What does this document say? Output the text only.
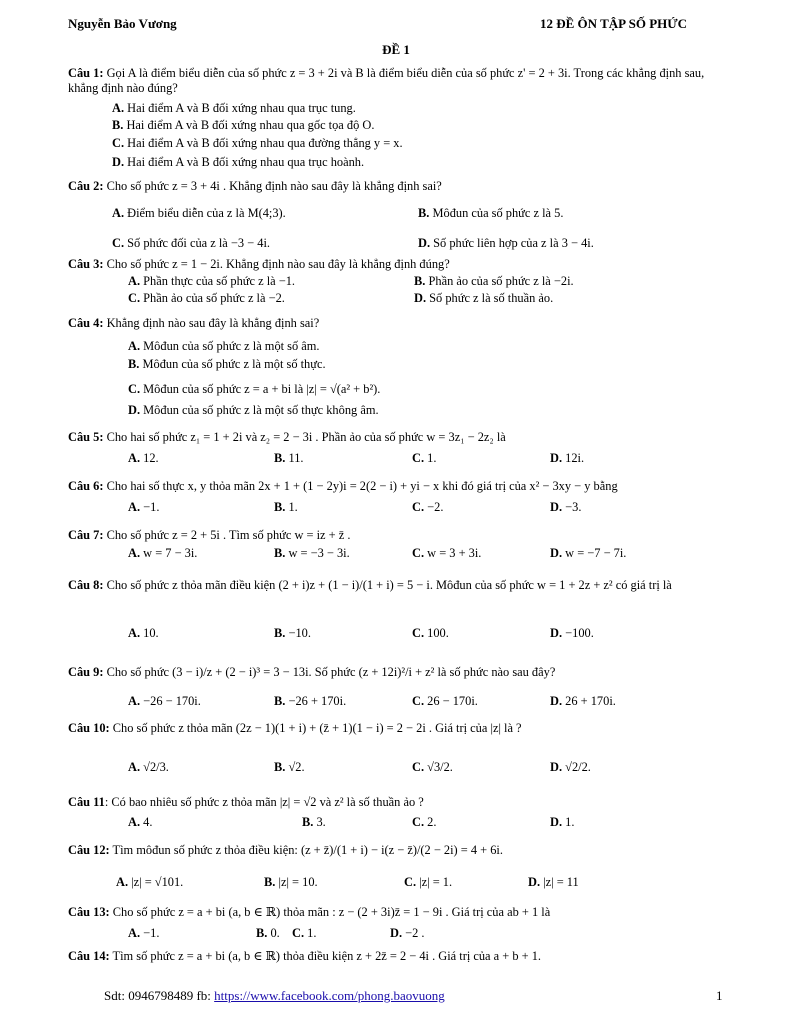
Nguyễn Bảo Vương	12 ĐỀ ÔN TẬP SỐ PHỨC
ĐỀ 1
Câu 1: Gọi A là điểm biểu diễn của số phức z = 3 + 2i và B là điểm biểu diễn của số phức z' = 2 + 3i. Trong các khẳng định sau, khẳng định nào đúng?
A. Hai điểm A và B đối xứng nhau qua trục tung.
B. Hai điểm A và B đối xứng nhau qua gốc tọa độ O.
C. Hai điểm A và B đối xứng nhau qua đường thẳng y = x.
D. Hai điểm A và B đối xứng nhau qua trục hoành.
Câu 2: Cho số phức z = 3 + 4i . Khẳng định nào sau đây là khẳng định sai?
A. Điểm biểu diễn của z là M(4;3).	B. Môđun của số phức z là 5.
C. Số phức đối của z là −3 − 4i.	D. Số phức liên hợp của z là 3 − 4i.
Câu 3: Cho số phức z = 1 − 2i. Khẳng định nào sau đây là khẳng định đúng?
A. Phần thực của số phức z là −1.	B. Phần ảo của số phức z là −2i.
C. Phần ảo của số phức z là −2.	D. Số phức z là số thuần ảo.
Câu 4: Khẳng định nào sau đây là khẳng định sai?
A. Môđun của số phức z là một số âm.
B. Môđun của số phức z là một số thực.
C. Môđun của số phức z = a + bi là |z| = √(a² + b²).
D. Môđun của số phức z là một số thực không âm.
Câu 5: Cho hai số phức z₁ = 1 + 2i và z₂ = 2 − 3i . Phần ảo của số phức w = 3z₁ − 2z₂ là
A. 12.	B. 11.	C. 1.	D. 12i.
Câu 6: Cho hai số thực x, y thỏa mãn 2x + 1 + (1 − 2y)i = 2(2 − i) + yi − x khi đó giá trị của x² − 3xy − y bằng
A. −1.	B. 1.	C. −2.	D. −3.
Câu 7: Cho số phức z = 2 + 5i . Tìm số phức w = iz + z̄ .
A. w = 7 − 3i.	B. w = −3 − 3i.	C. w = 3 + 3i.	D. w = −7 − 7i.
Câu 8: Cho số phức z thỏa mãn điều kiện (2 + i)z + (1 − i)/(1 + i) = 5 − i. Môđun của số phức w = 1 + 2z + z² có giá trị là
A. 10.	B. −10.	C. 100.	D. −100.
Câu 9: Cho số phức (3 − i)/z + (2 − i)³ = 3 − 13i. Số phức (z + 12i)²/i + z² là số phức nào sau đây?
A. −26 − 170i.	B. −26 + 170i.	C. 26 − 170i.	D. 26 + 170i.
Câu 10: Cho số phức z thỏa mãn (2z − 1)(1 + i) + (z̄ + 1)(1 − i) = 2 − 2i . Giá trị của |z| là ?
A. √2/3.	B. √2.	C. √3/2.	D. √2/2.
Câu 11: Có bao nhiêu số phức z thỏa mãn |z| = √2 và z² là số thuần ảo ?
A. 4.	B. 3.	C. 2.	D. 1.
Câu 12: Tìm môđun số phức z thỏa điều kiện: (z + z̄)/(1 + i) − i(z − z̄)/(2 − 2i) = 4 + 6i.
A. |z| = √101.	B. |z| = 10.	C. |z| = 1.	D. |z| = 11
Câu 13: Cho số phức z = a + bi (a, b ∈ ℝ) thỏa mãn : z − (2 + 3i)z̄ = 1 − 9i . Giá trị của ab + 1 là
A. −1.	B. 0. C. 1.	D. −2 .
Câu 14: Tìm số phức z = a + bi (a, b ∈ ℝ) thỏa điều kiện z + 2z̄ = 2 − 4i . Giá trị của a + b + 1.
Sdt: 0946798489 fb: https://www.facebook.com/phong.baovuong	1
